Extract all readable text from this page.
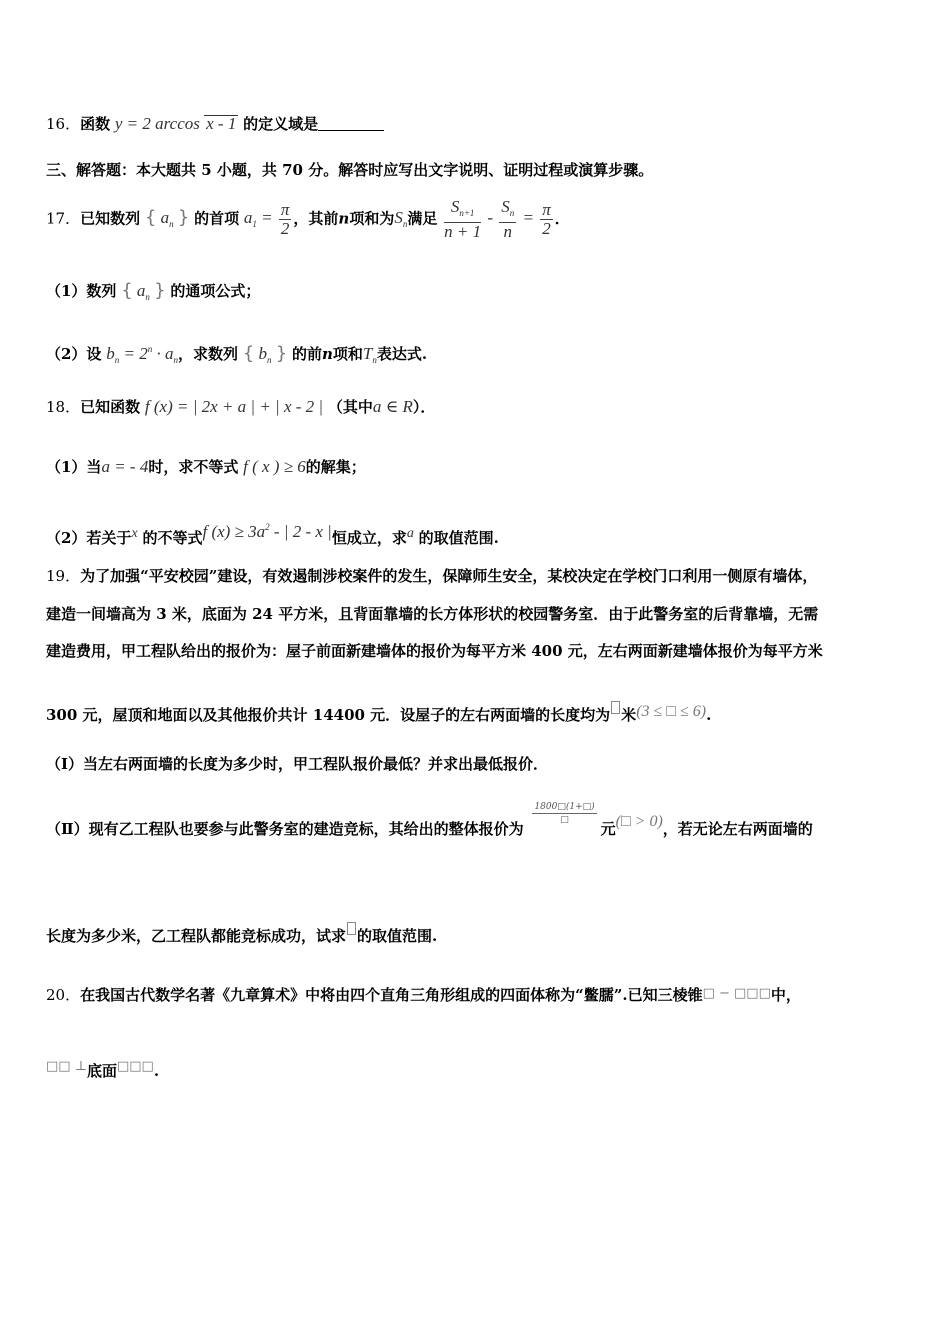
16．函数 y = 2 arccos x - 1 的定义域是
三、解答题：本大题共 5 小题，共 70 分。解答时应写出文字说明、证明过程或演算步骤。
17．已知数列 { $a_n$ } 的首项 $a_1 = \frac{\pi}{2}$ ，其前n项和为$S_n$满足 $\frac{S_{n+1}}{n + 1} - \frac{S_n}{n} = \frac{\pi}{2}$ ．
（1）数列 { $a_n$ } 的通项公式；
（2）设 $b_n = 2^n \cdot a_n$，求数列 { $b_n$ } 的前n项和$T_n$表达式.
18．已知函数 f (x) = | 2x + a | + | x - 2 | （其中a ∈ R）．
（1）当a = - 4时，求不等式 f ( x ) ≥ 6的解集；
（2）若关于x 的不等式f $(x) \ge 3a^2$ - | 2 - x |恒成立，求a 的取值范围.
19．为了加强“平安校园”建设，有效遏制涉校案件的发生，保障师生安全，某校决定在学校门口利用一侧原有墙体，
建造一间墙高为 3 米，底面为 24 平方米，且背面靠墙的长方体形状的校园警务室．由于此警务室的后背靠墙，无需
建造费用，甲工程队给出的报价为：屋子前面新建墙体的报价为每平方米 400 元，左右两面新建墙体报价为每平方米
300 元，屋顶和地面以及其他报价共计 14400 元．设屋子的左右两面墙的长度均为 米(3 ≤ □ ≤ 6).
（Ⅰ）当左右两面墙的长度为多少时，甲工程队报价最低？并求出最低报价．
（Ⅱ）现有乙工程队也要参与此警务室的建造竞标，其给出的整体报价为 $\frac{1800□(1+□)}{□}$ 元(□ > 0)，若无论左右两面墙的
长度为多少米，乙工程队都能竞标成功，试求 的取值范围.
20．在我国古代数学名著《九章算术》中将由四个直角三角形组成的四面体称为“鳖臑”.已知三棱锥□ − □□□中，
□□ ⊥底面□□□.
